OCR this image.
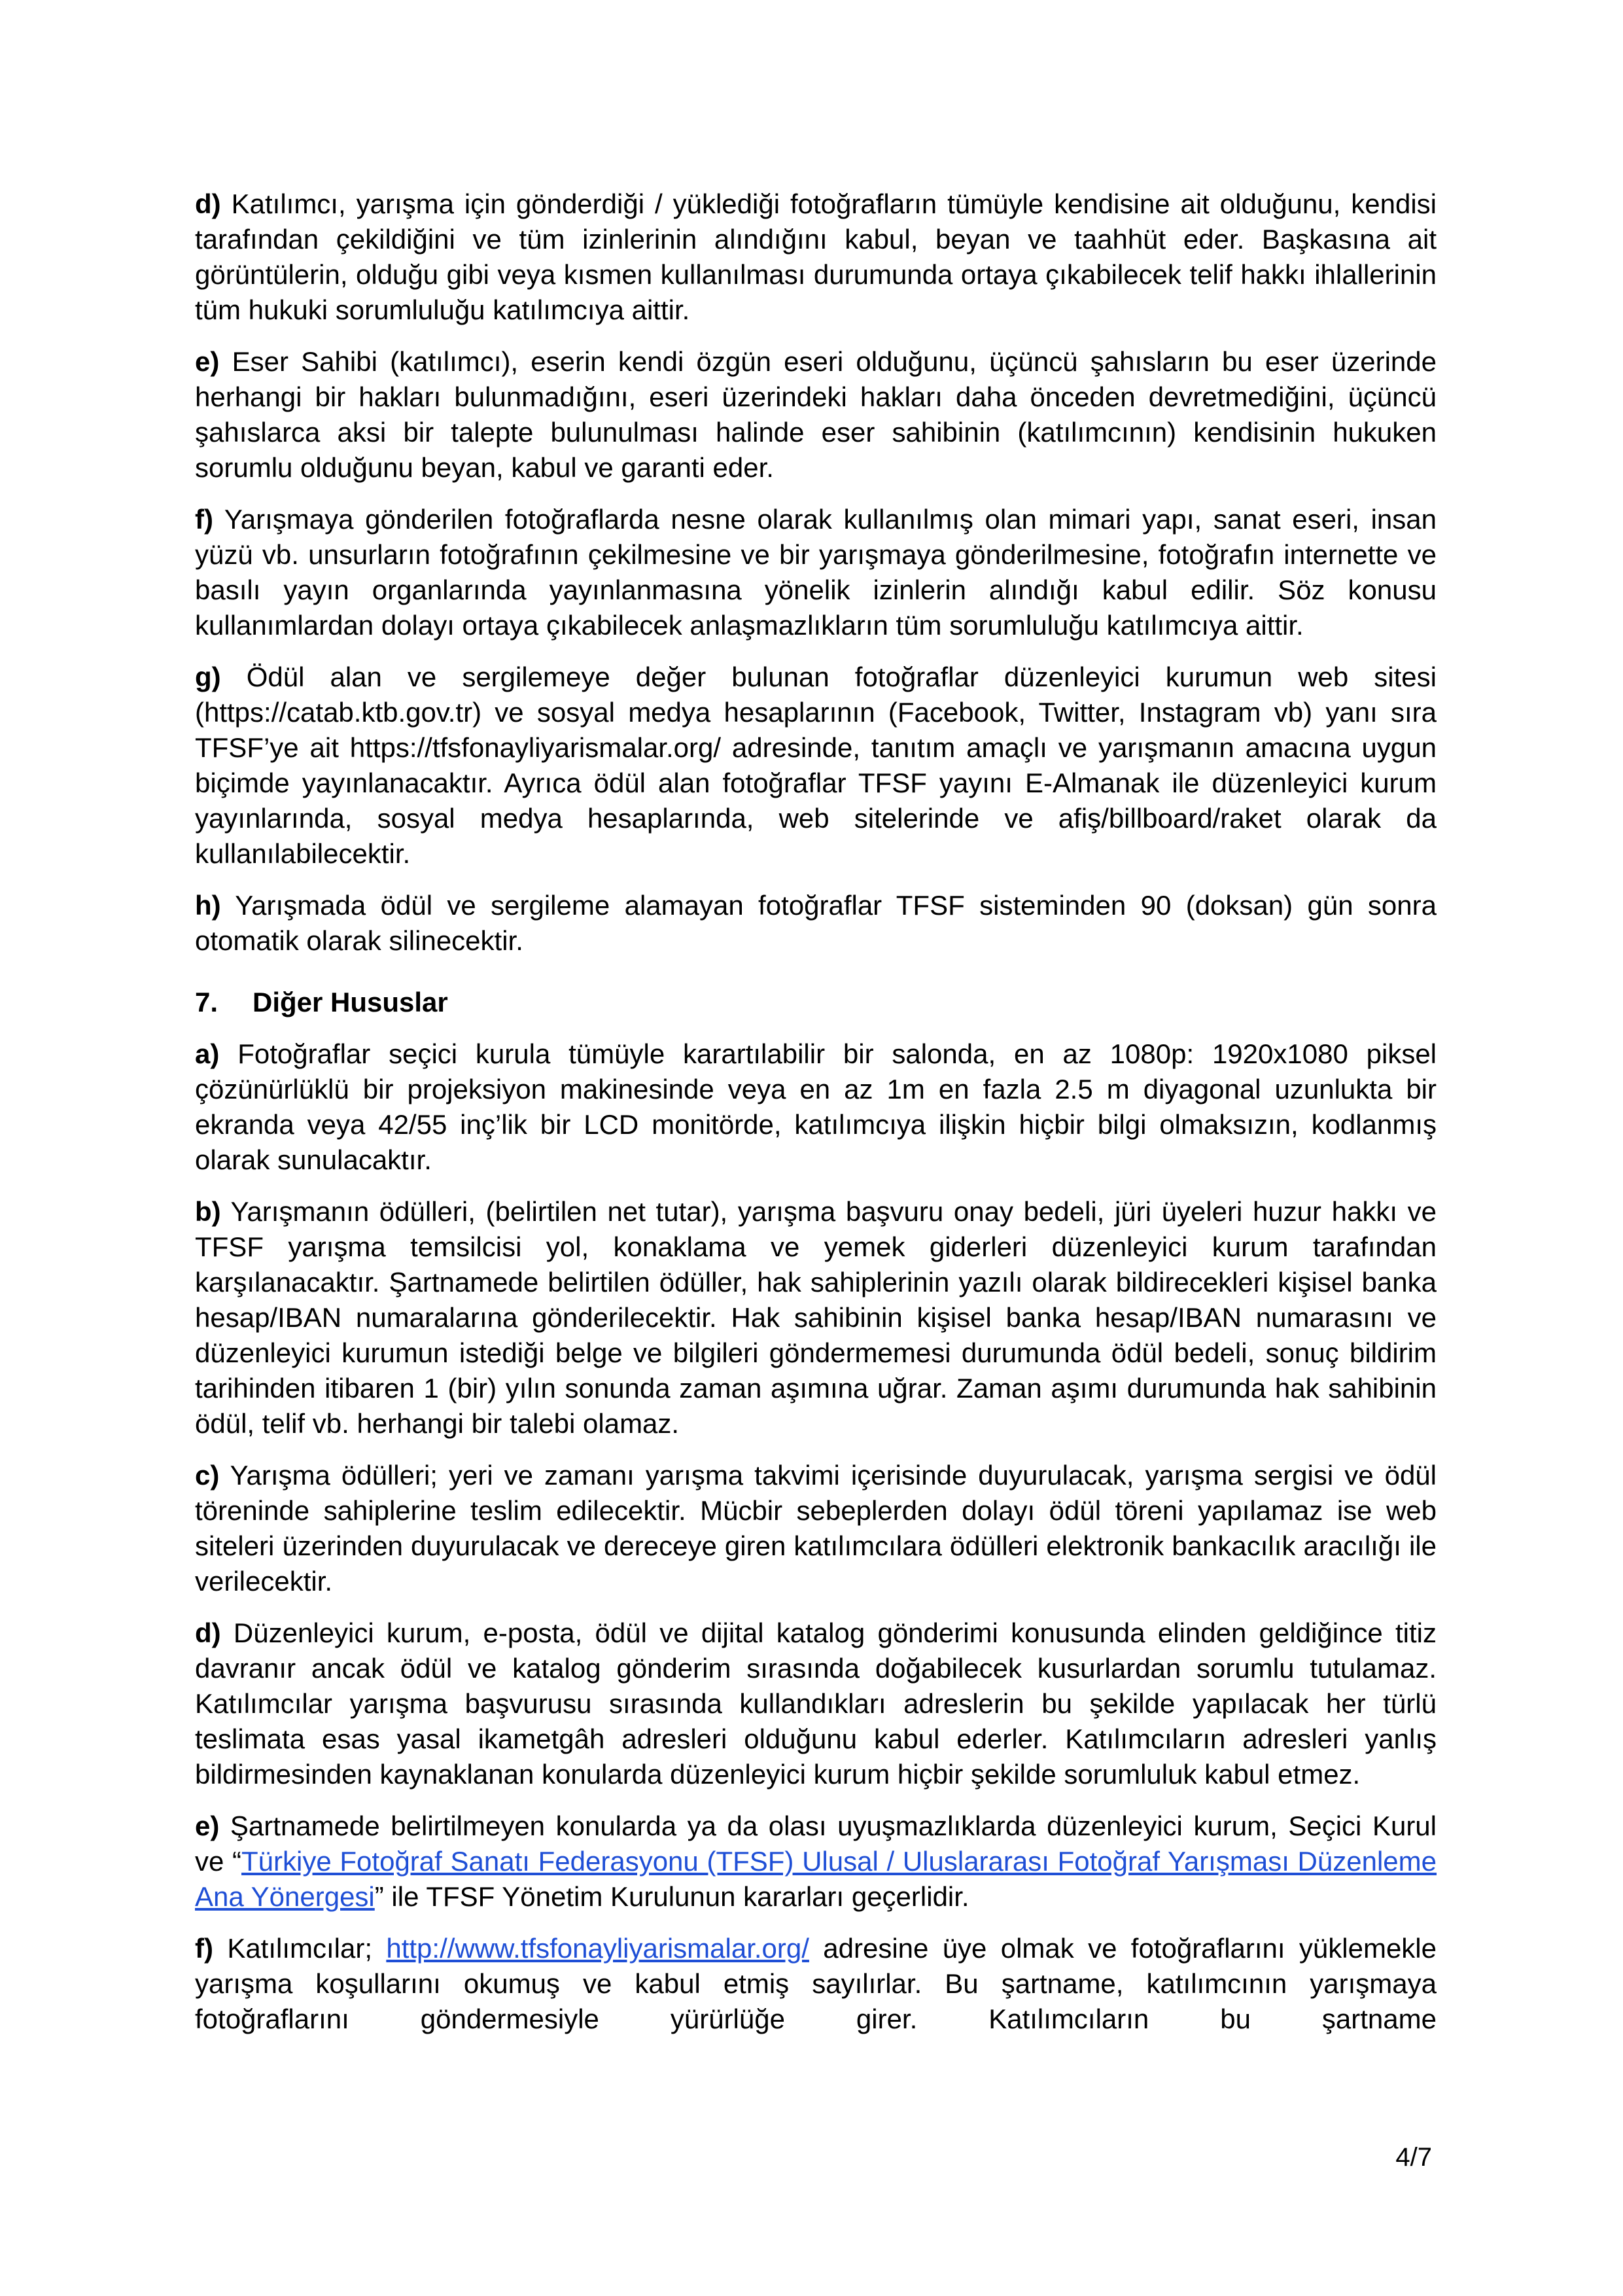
d) Katılımcı, yarışma için gönderdiği / yüklediği fotoğrafların tümüyle kendisine ait olduğunu, kendisi tarafından çekildiğini ve tüm izinlerinin alındığını kabul, beyan ve taahhüt eder. Başkasına ait görüntülerin, olduğu gibi veya kısmen kullanılması durumunda ortaya çıkabilecek telif hakkı ihlallerinin tüm hukuki sorumluluğu katılımcıya aittir.

e) Eser Sahibi (katılımcı), eserin kendi özgün eseri olduğunu, üçüncü şahısların bu eser üzerinde herhangi bir hakları bulunmadığını, eseri üzerindeki hakları daha önceden devretmediğini, üçüncü şahıslarca aksi bir talepte bulunulması halinde eser sahibinin (katılımcının) kendisinin hukuken sorumlu olduğunu beyan, kabul ve garanti eder.

f) Yarışmaya gönderilen fotoğraflarda nesne olarak kullanılmış olan mimari yapı, sanat eseri, insan yüzü vb. unsurların fotoğrafının çekilmesine ve bir yarışmaya gönderilmesine, fotoğrafın internette ve basılı yayın organlarında yayınlanmasına yönelik izinlerin alındığı kabul edilir. Söz konusu kullanımlardan dolayı ortaya çıkabilecek anlaşmazlıkların tüm sorumluluğu katılımcıya aittir.

g) Ödül alan ve sergilemeye değer bulunan fotoğraflar düzenleyici kurumun web sitesi (https://catab.ktb.gov.tr) ve sosyal medya hesaplarının (Facebook, Twitter, Instagram vb) yanı sıra TFSF’ye ait https://tfsfonayliyarismalar.org/ adresinde, tanıtım amaçlı ve yarışmanın amacına uygun biçimde yayınlanacaktır. Ayrıca ödül alan fotoğraflar TFSF yayını E-Almanak ile düzenleyici kurum yayınlarında, sosyal medya hesaplarında, web sitelerinde ve afiş/billboard/raket olarak da kullanılabilecektir.

h) Yarışmada ödül ve sergileme alamayan fotoğraflar TFSF sisteminden 90 (doksan) gün sonra otomatik olarak silinecektir.

7.	Diğer Hususlar

a) Fotoğraflar seçici kurula tümüyle karartılabilir bir salonda, en az 1080p: 1920x1080 piksel çözünürlüklü bir projeksiyon makinesinde veya en az 1m en fazla 2.5 m diyagonal uzunlukta bir ekranda veya 42/55 inç’lik bir LCD monitörde, katılımcıya ilişkin hiçbir bilgi olmaksızın, kodlanmış olarak sunulacaktır.

b) Yarışmanın ödülleri, (belirtilen net tutar), yarışma başvuru onay bedeli, jüri üyeleri huzur hakkı ve TFSF yarışma temsilcisi yol, konaklama ve yemek giderleri düzenleyici kurum tarafından karşılanacaktır. Şartnamede belirtilen ödüller, hak sahiplerinin yazılı olarak bildirecekleri kişisel banka hesap/IBAN numaralarına gönderilecektir. Hak sahibinin kişisel banka hesap/IBAN numarasını ve düzenleyici kurumun istediği belge ve bilgileri göndermemesi durumunda ödül bedeli, sonuç bildirim tarihinden itibaren 1 (bir) yılın sonunda zaman aşımına uğrar. Zaman aşımı durumunda hak sahibinin ödül, telif vb. herhangi bir talebi olamaz.

c) Yarışma ödülleri; yeri ve zamanı yarışma takvimi içerisinde duyurulacak, yarışma sergisi ve ödül töreninde sahiplerine teslim edilecektir. Mücbir sebeplerden dolayı ödül töreni yapılamaz ise web siteleri üzerinden duyurulacak ve dereceye giren katılımcılara ödülleri elektronik bankacılık aracılığı ile verilecektir.

d) Düzenleyici kurum, e-posta, ödül ve dijital katalog gönderimi konusunda elinden geldiğince titiz davranır ancak ödül ve katalog gönderim sırasında doğabilecek kusurlardan sorumlu tutulamaz. Katılımcılar yarışma başvurusu sırasında kullandıkları adreslerin bu şekilde yapılacak her türlü teslimata esas yasal ikametgâh adresleri olduğunu kabul ederler. Katılımcıların adresleri yanlış bildirmesinden kaynaklanan konularda düzenleyici kurum hiçbir şekilde sorumluluk kabul etmez.

e) Şartnamede belirtilmeyen konularda ya da olası uyuşmazlıklarda düzenleyici kurum, Seçici Kurul ve “Türkiye Fotoğraf Sanatı Federasyonu (TFSF) Ulusal / Uluslararası Fotoğraf Yarışması Düzenleme Ana Yönergesi” ile TFSF Yönetim Kurulunun kararları geçerlidir.

f) Katılımcılar; http://www.tfsfonayliyarismalar.org/ adresine üye olmak ve fotoğraflarını yüklemekle yarışma koşullarını okumuş ve kabul etmiş sayılırlar. Bu şartname, katılımcının yarışmaya fotoğraflarını göndermesiyle yürürlüğe girer. Katılımcıların bu şartname

4/7
